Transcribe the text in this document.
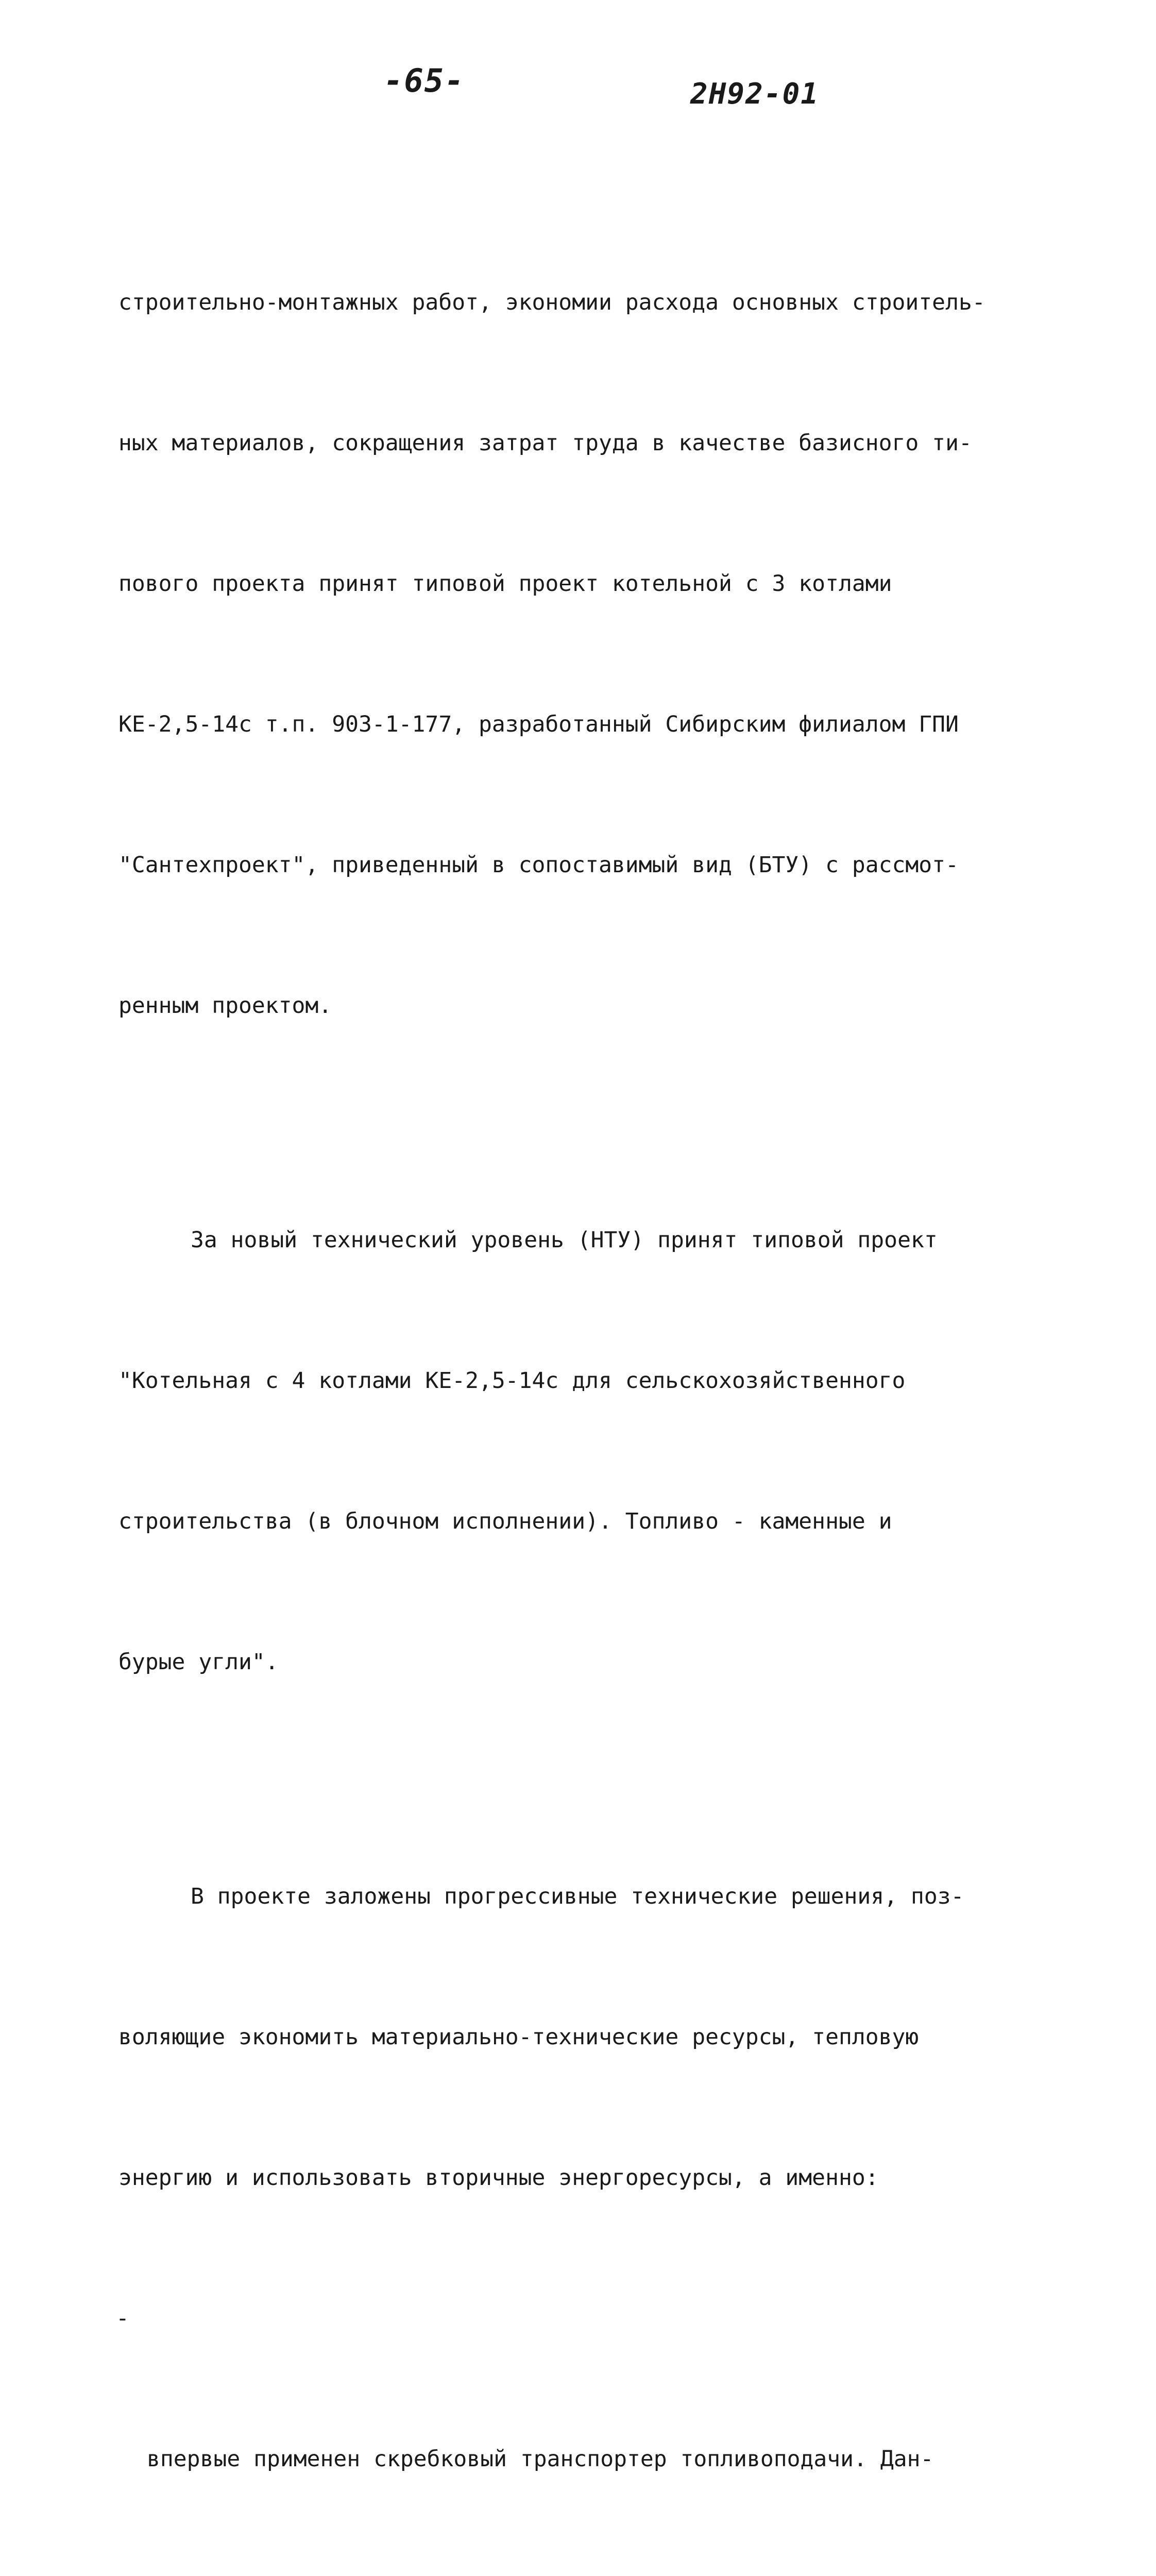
-65-	2Н92-01

строительно-монтажных работ, экономии расхода основных строитель-

ных материалов, сокращения затрат труда в качестве базисного ти-

пового проекта принят типовой проект котельной с 3 котлами

КЕ-2,5-14с т.п. 903-1-177, разработанный Сибирским филиалом ГПИ

"Сантехпроект", приведенный в сопоставимый вид (БТУ) с рассмот-

ренным проектом.

За новый технический уровень (НТУ) принят типовой проект

"Котельная с 4 котлами КЕ-2,5-14с для сельскохозяйственного

строительства (в блочном исполнении). Топливо - каменные и

бурые угли".

В проекте заложены прогрессивные технические решения, поз-

воляющие экономить материально-технические ресурсы, тепловую

энергию и использовать вторичные энергоресурсы, а именно:

-

впервые применен скребковый транспортер топливоподачи. Дан-
